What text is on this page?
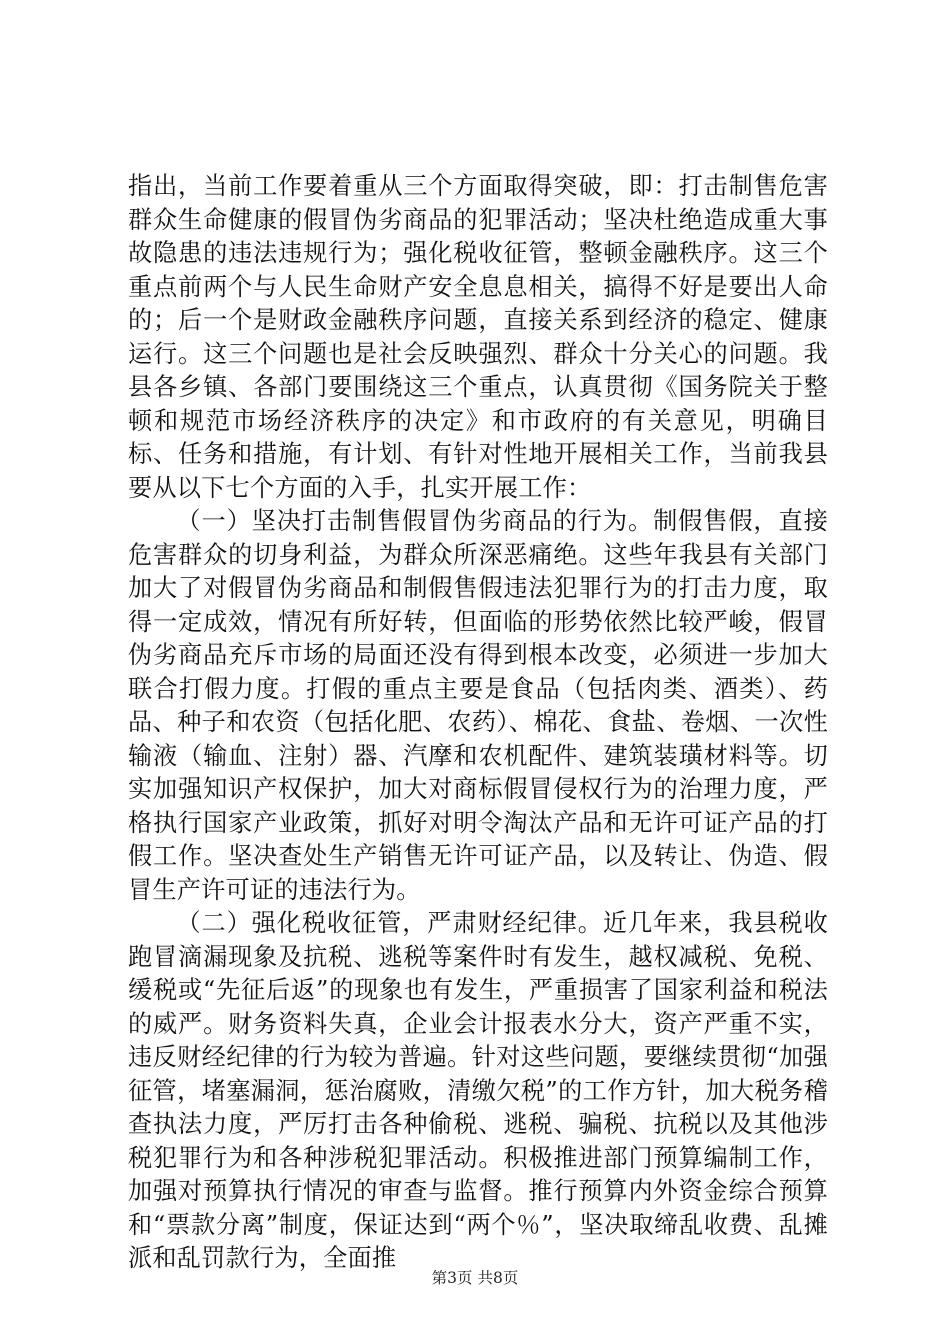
指出，当前工作要着重从三个方面取得突破，即：打击制售危害群众生命健康的假冒伪劣商品的犯罪活动；坚决杜绝造成重大事故隐患的违法违规行为；强化税收征管，整顿金融秩序。这三个重点前两个与人民生命财产安全息息相关，搞得不好是要出人命的；后一个是财政金融秩序问题，直接关系到经济的稳定、健康运行。这三个问题也是社会反映强烈、群众十分关心的问题。我县各乡镇、各部门要围绕这三个重点，认真贯彻《国务院关于整顿和规范市场经济秩序的决定》和市政府的有关意见，明确目标、任务和措施，有计划、有针对性地开展相关工作，当前我县要从以下七个方面的入手，扎实开展工作：

（一）坚决打击制售假冒伪劣商品的行为。制假售假，直接危害群众的切身利益，为群众所深恶痛绝。这些年我县有关部门加大了对假冒伪劣商品和制假售假违法犯罪行为的打击力度，取得一定成效，情况有所好转，但面临的形势依然比较严峻，假冒伪劣商品充斥市场的局面还没有得到根本改变，必须进一步加大联合打假力度。打假的重点主要是食品（包括肉类、酒类）、药品、种子和农资（包括化肥、农药）、棉花、食盐、卷烟、一次性输液（输血、注射）器、汽摩和农机配件、建筑装璜材料等。切实加强知识产权保护，加大对商标假冒侵权行为的治理力度，严格执行国家产业政策，抓好对明令淘汰产品和无许可证产品的打假工作。坚决查处生产销售无许可证产品，以及转让、伪造、假冒生产许可证的违法行为。

（二）强化税收征管，严肃财经纪律。近几年来，我县税收跑冒滴漏现象及抗税、逃税等案件时有发生，越权减税、免税、缓税或“先征后返”的现象也有发生，严重损害了国家利益和税法的威严。财务资料失真，企业会计报表水分大，资产严重不实，违反财经纪律的行为较为普遍。针对这些问题，要继续贯彻“加强征管，堵塞漏洞，惩治腐败，清缴欠税”的工作方针，加大税务稽查执法力度，严厉打击各种偷税、逃税、骗税、抗税以及其他涉税犯罪行为和各种涉税犯罪活动。积极推进部门预算编制工作，加强对预算执行情况的审查与监督。推行预算内外资金综合预算和“票款分离”制度，保证达到“两个％”，坚决取缔乱收费、乱摊派和乱罚款行为，全面推

第3页 共8页
